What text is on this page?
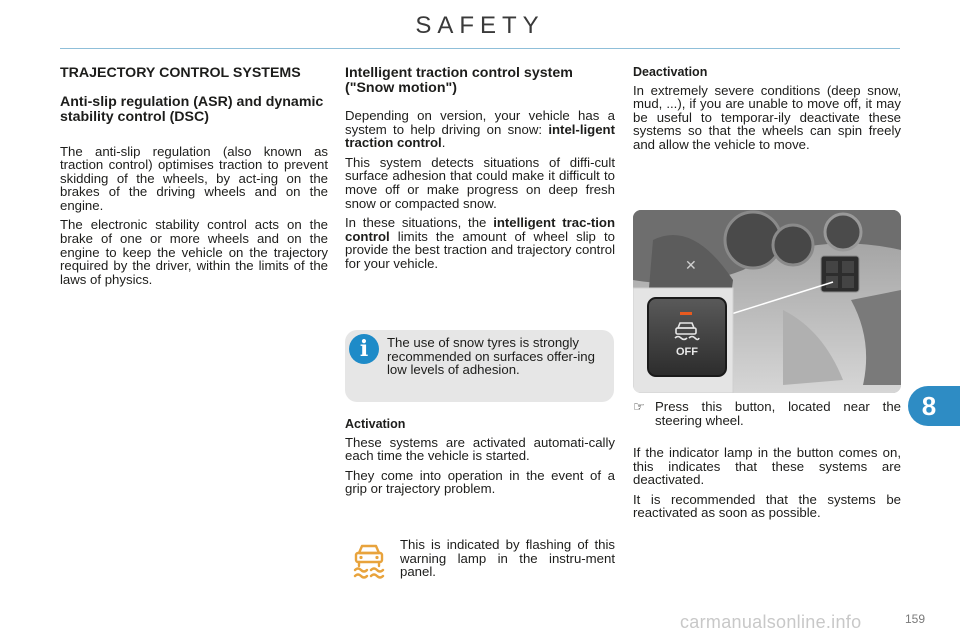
SAFETY
TRAJECTORY CONTROL SYSTEMS
Anti-slip regulation (ASR) and dynamic stability control (DSC)

The anti-slip regulation (also known as traction control) optimises traction to prevent skidding of the wheels, by act-ing on the brakes of the driving wheels and on the engine.

The electronic stability control acts on the brake of one or more wheels and on the engine to keep the vehicle on the trajectory required by the driver, within the limits of the laws of physics.

Intelligent traction control system ("Snow motion")

Depending on version, your vehicle has a system to help driving on snow: intel-ligent traction control.

This system detects situations of diffi-cult surface adhesion that could make it difficult to move off or make progress on deep fresh snow or compacted snow.

In these situations, the intelligent trac-tion control limits the amount of wheel slip to provide the best traction and trajectory control for your vehicle.

i	The use of snow tyres is strongly recommended on surfaces offer-ing low levels of adhesion.
Activation

These systems are activated automati-cally each time the vehicle is started.

They come into operation in the event of a grip or trajectory problem.

This is indicated by flashing of this warning lamp in the instru-ment panel.
Deactivation

In extremely severe conditions (deep snow, mud, ...), if you are unable to move off, it may be useful to temporar-ily deactivate these systems so that the wheels can spin freely and allow the vehicle to move.

✕
OFF
☞ Press this button, located near the steering wheel.

If the indicator lamp in the button comes on, this indicates that these systems are deactivated.

It is recommended that the systems be reactivated as soon as possible.

8
carmanualsonline.info	159
